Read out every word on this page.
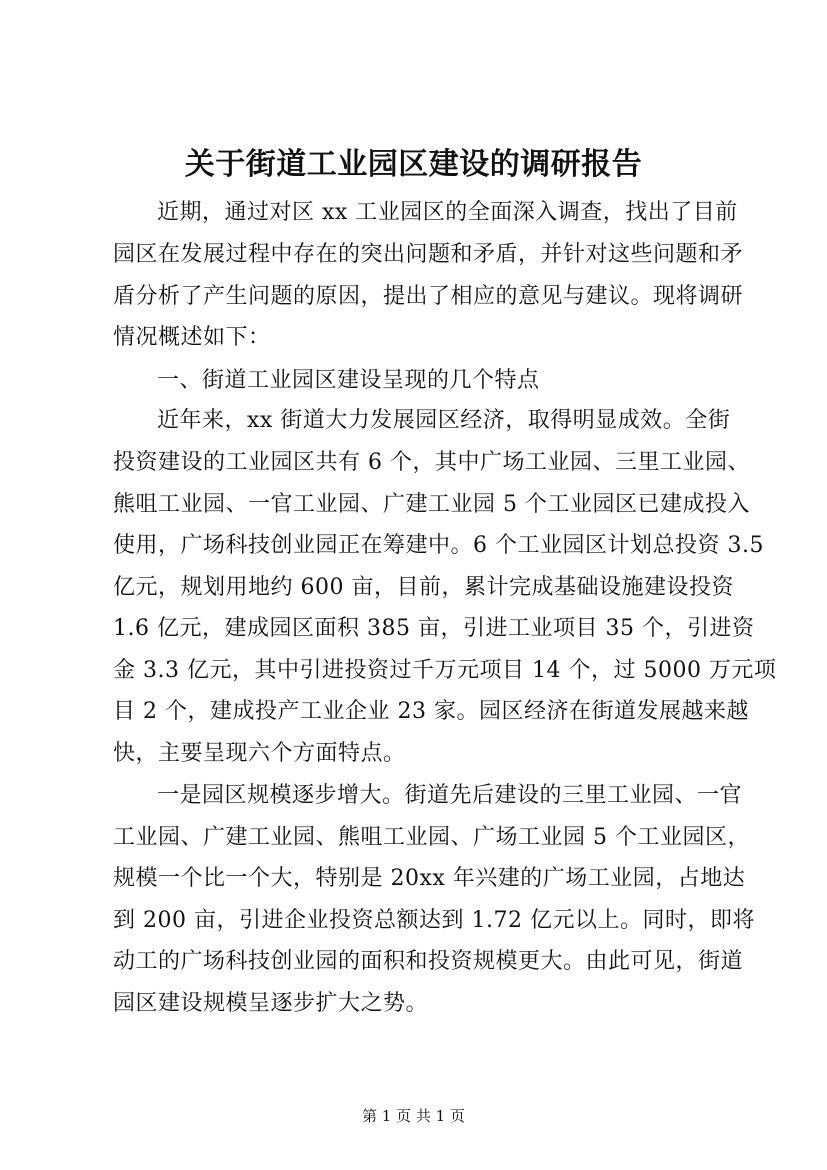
关于街道工业园区建设的调研报告
近期，通过对区 xx 工业园区的全面深入调查，找出了目前
园区在发展过程中存在的突出问题和矛盾，并针对这些问题和矛
盾分析了产生问题的原因，提出了相应的意见与建议。现将调研
情况概述如下：
一、街道工业园区建设呈现的几个特点
近年来，xx 街道大力发展园区经济，取得明显成效。全街
投资建设的工业园区共有 6 个，其中广场工业园、三里工业园、
熊咀工业园、一官工业园、广建工业园 5 个工业园区已建成投入
使用，广场科技创业园正在筹建中。6 个工业园区计划总投资 3.5
亿元，规划用地约 600 亩，目前，累计完成基础设施建设投资
1.6 亿元，建成园区面积 385 亩，引进工业项目 35 个，引进资
金 3.3 亿元，其中引进投资过千万元项目 14 个，过 5000 万元项
目 2 个，建成投产工业企业 23 家。园区经济在街道发展越来越
快，主要呈现六个方面特点。
一是园区规模逐步增大。街道先后建设的三里工业园、一官
工业园、广建工业园、熊咀工业园、广场工业园 5 个工业园区，
规模一个比一个大，特别是 20xx 年兴建的广场工业园，占地达
到 200 亩，引进企业投资总额达到 1.72 亿元以上。同时，即将
动工的广场科技创业园的面积和投资规模更大。由此可见，街道
园区建设规模呈逐步扩大之势。
第 1 页 共 1 页
